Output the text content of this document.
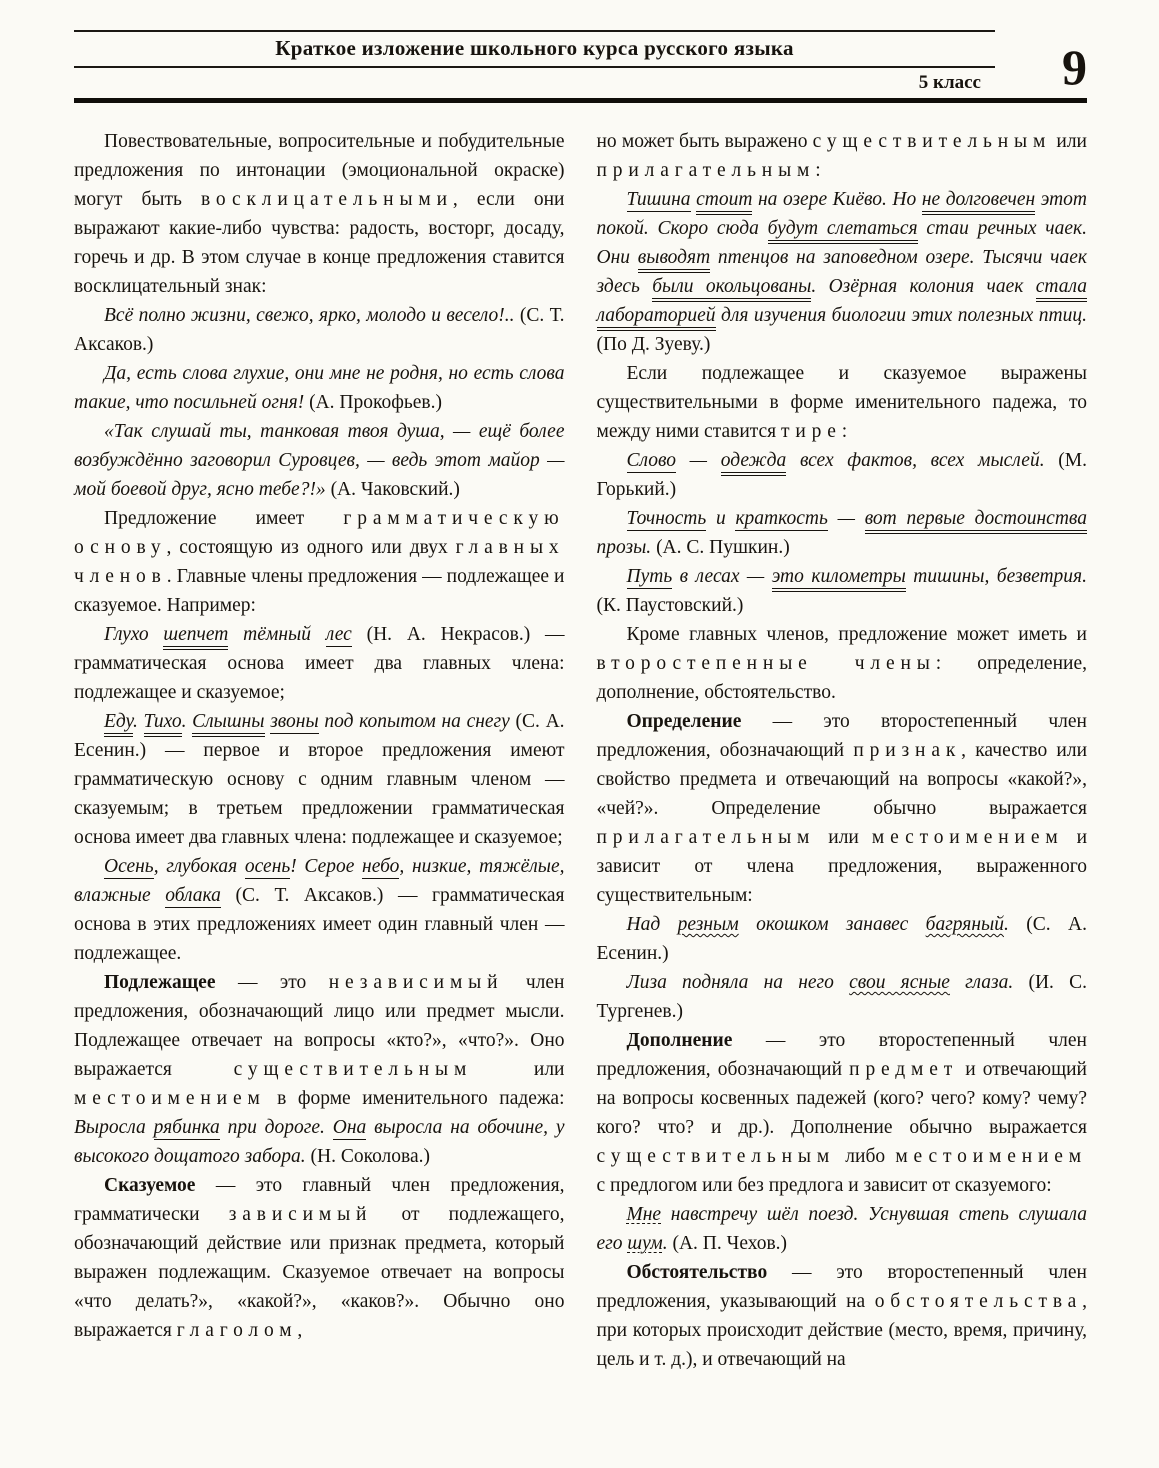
Краткое изложение школьного курса русского языка
5 класс	9

Повествовательные, вопросительные и побудительные предложения по интонации (эмоциональной окраске) могут быть восклицательными, если они выражают какие-либо чувства: радость, восторг, досаду, горечь и др. В этом случае в конце предложения ставится восклицательный знак:

Всё полно жизни, свежо, ярко, молодо и весело!.. (С. Т. Аксаков.)

Да, есть слова глухие, они мне не родня, но есть слова такие, что посильней огня! (А. Прокофьев.)

«Так слушай ты, танковая твоя душа, — ещё более возбуждённо заговорил Суровцев, — ведь этот майор — мой боевой друг, ясно тебе?!» (А. Чаковский.)

Предложение имеет грамматическую основу, состоящую из одного или двух главных членов. Главные члены предложения — подлежащее и сказуемое. Например:

Глухо шепчет тёмный лес (Н. А. Некрасов.) — грамматическая основа имеет два главных члена: подлежащее и сказуемое;

Еду. Тихо. Слышны звоны под копытом на снегу (С. А. Есенин.) — первое и второе предложения имеют грамматическую основу с одним главным членом — сказуемым; в третьем предложении грамматическая основа имеет два главных члена: подлежащее и сказуемое;

Осень, глубокая осень! Серое небо, низкие, тяжёлые, влажные облака (С. Т. Аксаков.) — грамматическая основа в этих предложениях имеет один главный член — подлежащее.

Подлежащее — это независимый член предложения, обозначающий лицо или предмет мысли. Подлежащее отвечает на вопросы «кто?», «что?». Оно выражается существительным или местоимением в форме именительного падежа: Выросла рябинка при дороге. Она выросла на обочине, у высокого дощатого забора. (Н. Соколова.)

Сказуемое — это главный член предложения, грамматически зависимый от подлежащего, обозначающий действие или признак предмета, который выражен подлежащим. Сказуемое отвечает на вопросы «что делать?», «какой?», «каков?». Обычно оно выражается глаголом,

но может быть выражено существительным или прилагательным:

Тишина стоит на озере Киёво. Но не долговечен этот покой. Скоро сюда будут слетаться стаи речных чаек. Они выводят птенцов на заповедном озере. Тысячи чаек здесь были окольцованы. Озёрная колония чаек стала лабораторией для изучения биологии этих полезных птиц. (По Д. Зуеву.)

Если подлежащее и сказуемое выражены существительными в форме именительного падежа, то между ними ставится тире:

Слово — одежда всех фактов, всех мыслей. (М. Горький.)

Точность и краткость — вот первые достоинства прозы. (А. С. Пушкин.)

Путь в лесах — это километры тишины, безветрия. (К. Паустовский.)

Кроме главных членов, предложение может иметь и второстепенные члены: определение, дополнение, обстоятельство.

Определение — это второстепенный член предложения, обозначающий признак, качество или свойство предмета и отвечающий на вопросы «какой?», «чей?». Определение обычно выражается прилагательным или местоимением и зависит от члена предложения, выраженного существительным:

Над резным окошком занавес багряный. (С. А. Есенин.)

Лиза подняла на него свои ясные глаза. (И. С. Тургенев.)

Дополнение — это второстепенный член предложения, обозначающий предмет и отвечающий на вопросы косвенных падежей (кого? чего? кому? чему? кого? что? и др.). Дополнение обычно выражается существительным либо местоимением с предлогом или без предлога и зависит от сказуемого:

Мне навстречу шёл поезд. Уснувшая степь слушала его шум. (А. П. Чехов.)

Обстоятельство — это второстепенный член предложения, указывающий на обстоятельства, при которых происходит действие (место, время, причину, цель и т. д.), и отвечающий на
